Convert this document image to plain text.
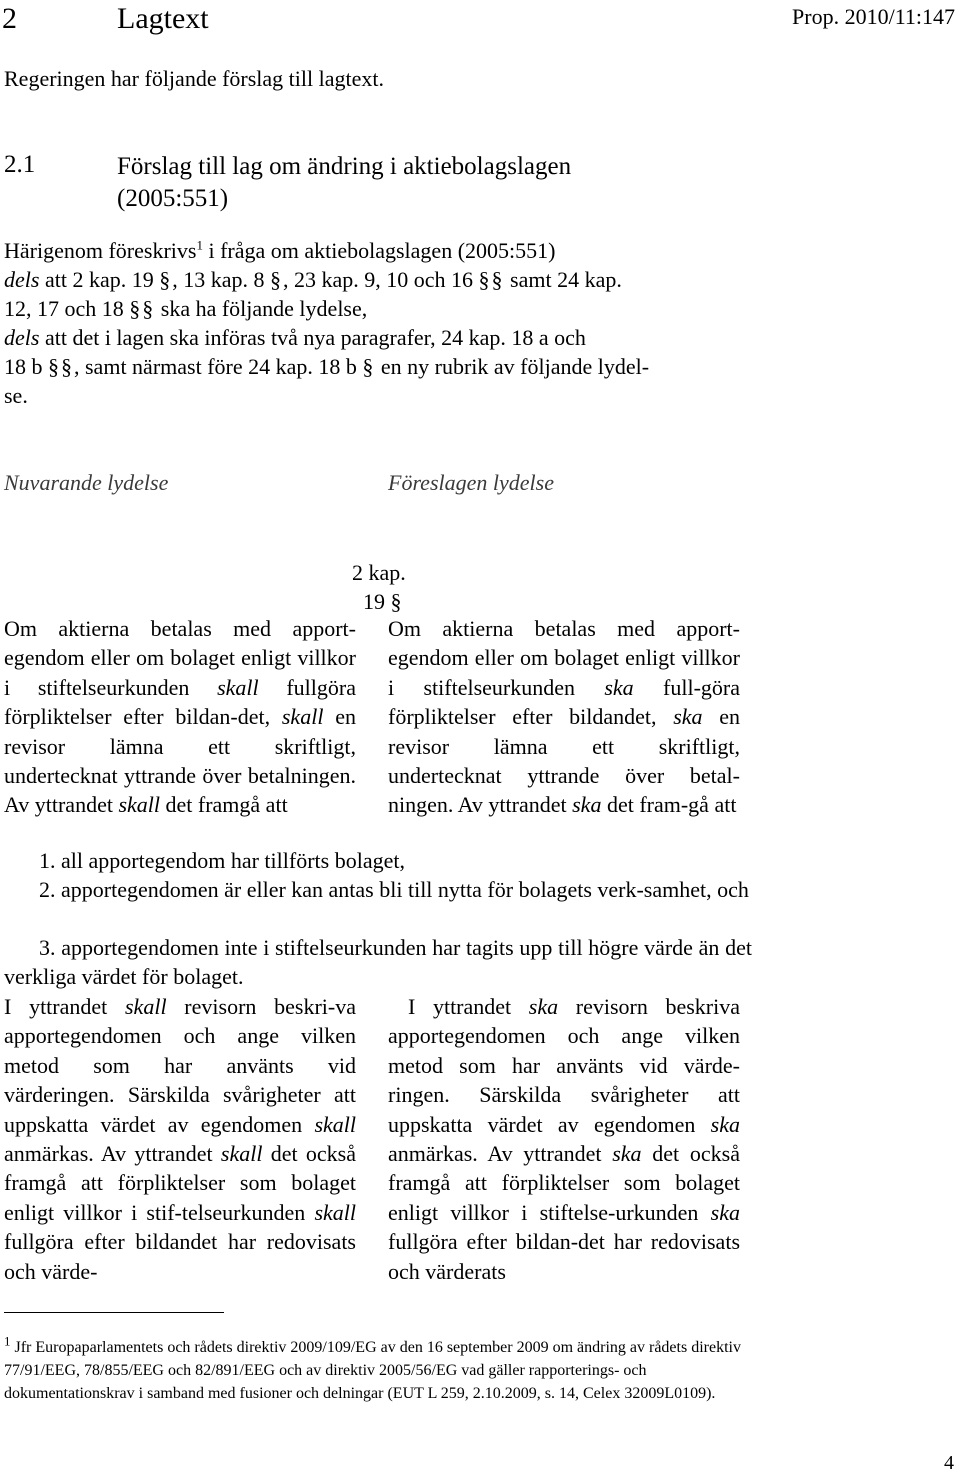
2	Lagtext	Prop. 2010/11:147
Regeringen har följande förslag till lagtext.
2.1	Förslag till lag om ändring i aktiebolagslagen
(2005:551)
Härigenom föreskrivs$^1$ i fråga om aktiebolagslagen (2005:551)
dels att 2 kap. 19 §, 13 kap. 8 §, 23 kap. 9, 10 och 16 §§ samt 24 kap.
12, 17 och 18 §§ ska ha följande lydelse,
dels att det i lagen ska införas två nya paragrafer, 24 kap. 18 a och
18 b §§, samt närmast före 24 kap. 18 b § en ny rubrik av följande lydel-
se.
Nuvarande lydelse	Föreslagen lydelse
2 kap.
19 §
Om aktierna betalas med apport-egendom eller om bolaget enligt villkor i stiftelseurkunden skall fullgöra förpliktelser efter bildan-det, skall en revisor lämna ett skriftligt, undertecknat yttrande över betalningen. Av yttrandet skall det framgå att
Om aktierna betalas med apport-egendom eller om bolaget enligt villkor i stiftelseurkunden ska full-göra förpliktelser efter bildandet, ska en revisor lämna ett skriftligt, undertecknat yttrande över betal-ningen. Av yttrandet ska det fram-gå att
1. all apportegendom har tillförts bolaget,
2. apportegendomen är eller kan antas bli till nytta för bolagets verk-samhet, och
3. apportegendomen inte i stiftelseurkunden har tagits upp till högre värde än det verkliga värdet för bolaget.
I yttrandet skall revisorn beskri-va apportegendomen och ange vilken metod som har använts vid värderingen. Särskilda svårigheter att uppskatta värdet av egendomen skall anmärkas. Av yttrandet skall det också framgå att förpliktelser som bolaget enligt villkor i stif-telseurkunden skall fullgöra efter bildandet har redovisats och värde-
I yttrandet ska revisorn beskriva apportegendomen och ange vilken metod som har använts vid värde-ringen. Särskilda svårigheter att uppskatta värdet av egendomen ska anmärkas. Av yttrandet ska det också framgå att förpliktelser som bolaget enligt villkor i stiftelse-urkunden ska fullgöra efter bildan-det har redovisats och värderats
$^1$ Jfr Europaparlamentets och rådets direktiv 2009/109/EG av den 16 september 2009 om ändring av rådets direktiv 77/91/EEG, 78/855/EEG och 82/891/EEG och av direktiv 2005/56/EG vad gäller rapporterings- och dokumentationskrav i samband med fusioner och delningar (EUT L 259, 2.10.2009, s. 14, Celex 32009L0109).
4
